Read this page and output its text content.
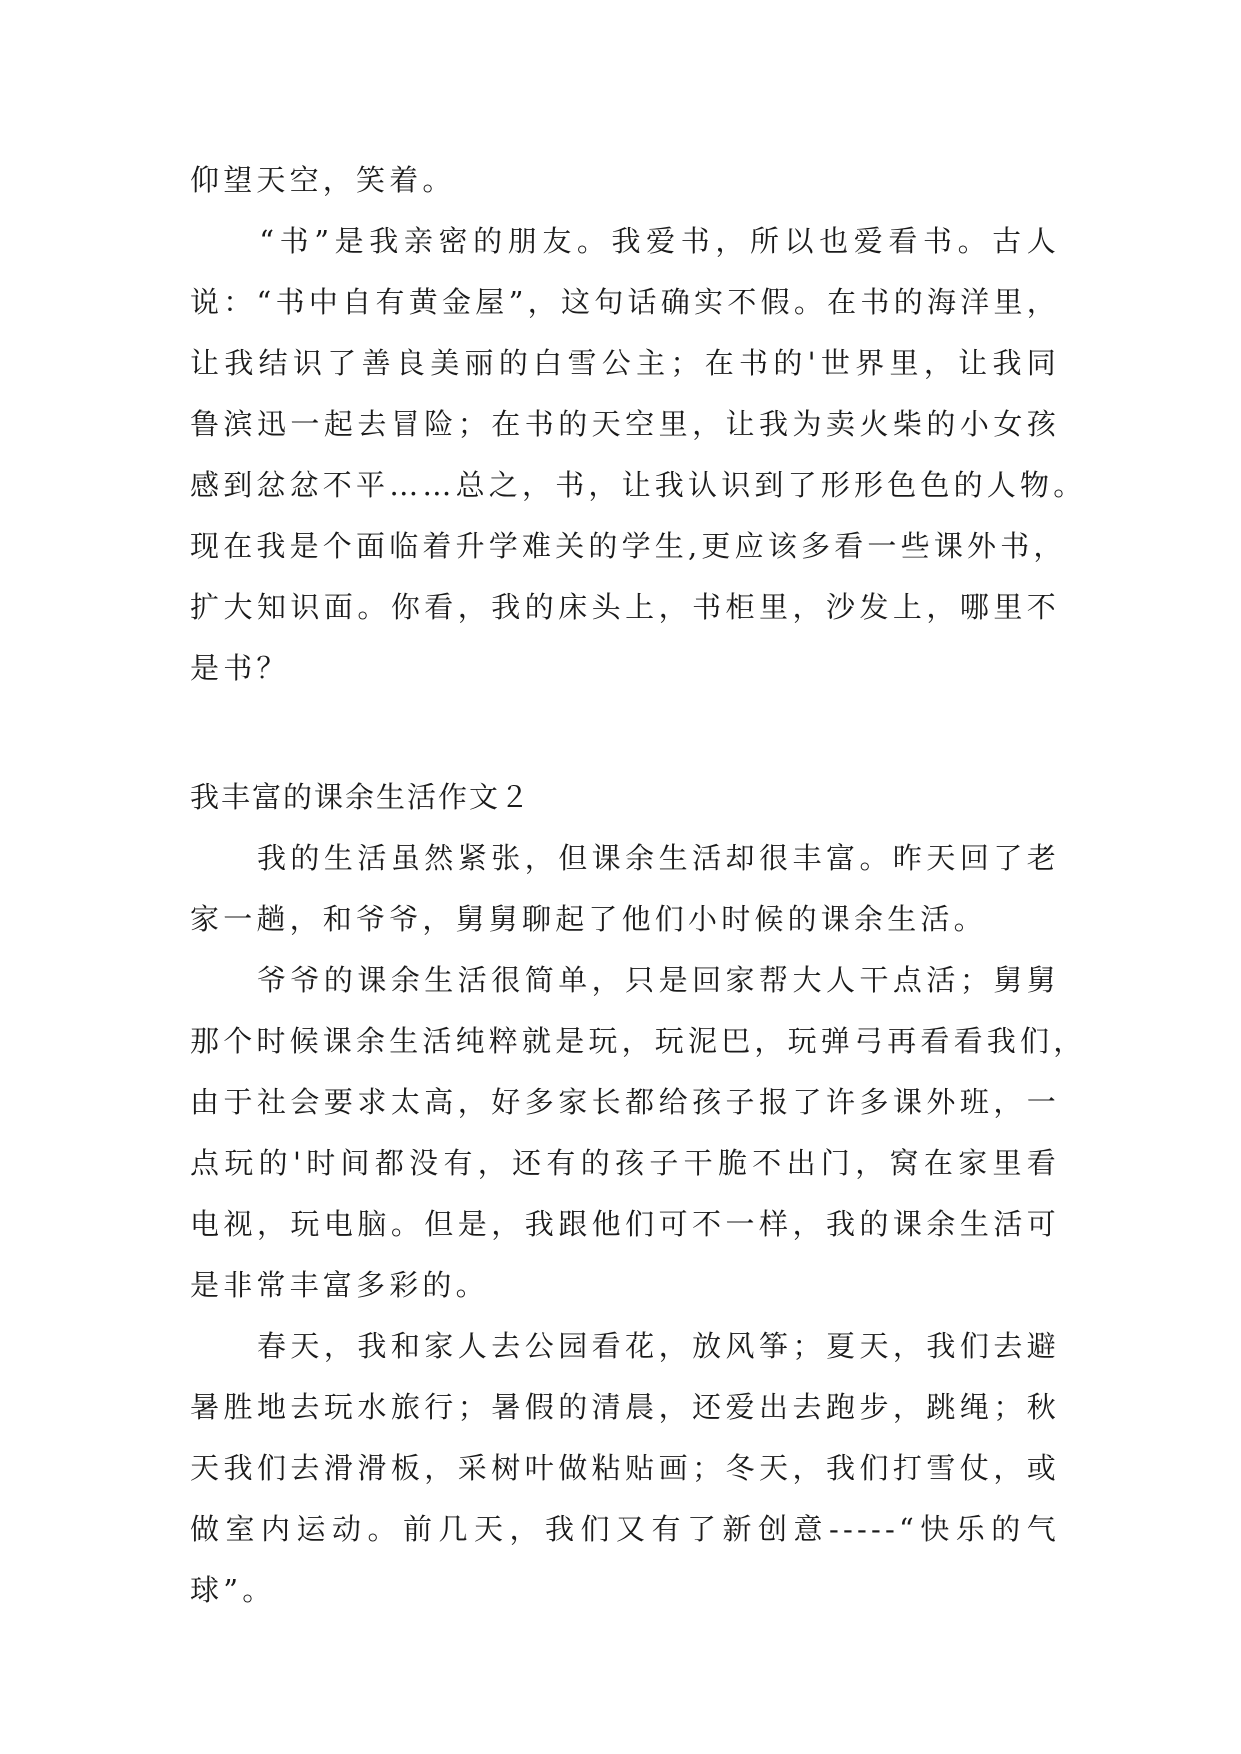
仰望天空，笑着。
　　“书”是我亲密的朋友。我爱书，所以也爱看书。古人
说：“书中自有黄金屋”，这句话确实不假。在书的海洋里，
让我结识了善良美丽的白雪公主；在书的'世界里，让我同
鲁滨迅一起去冒险；在书的天空里，让我为卖火柴的小女孩
感到忿忿不平……总之，书，让我认识到了形形色色的人物。
现在我是个面临着升学难关的学生,更应该多看一些课外书，
扩大知识面。你看，我的床头上，书柜里，沙发上，哪里不
是书？
我丰富的课余生活作文２
　　我的生活虽然紧张，但课余生活却很丰富。昨天回了老
家一趟，和爷爷，舅舅聊起了他们小时候的课余生活。
　　爷爷的课余生活很简单，只是回家帮大人干点活；舅舅
那个时候课余生活纯粹就是玩，玩泥巴，玩弹弓再看看我们，
由于社会要求太高，好多家长都给孩子报了许多课外班，一
点玩的'时间都没有，还有的孩子干脆不出门，窝在家里看
电视，玩电脑。但是，我跟他们可不一样，我的课余生活可
是非常丰富多彩的。
　　春天，我和家人去公园看花，放风筝；夏天，我们去避
暑胜地去玩水旅行；暑假的清晨，还爱出去跑步，跳绳；秋
天我们去滑滑板，采树叶做粘贴画；冬天，我们打雪仗，或
做室内运动。前几天，我们又有了新创意-----“快乐的气
球”。
